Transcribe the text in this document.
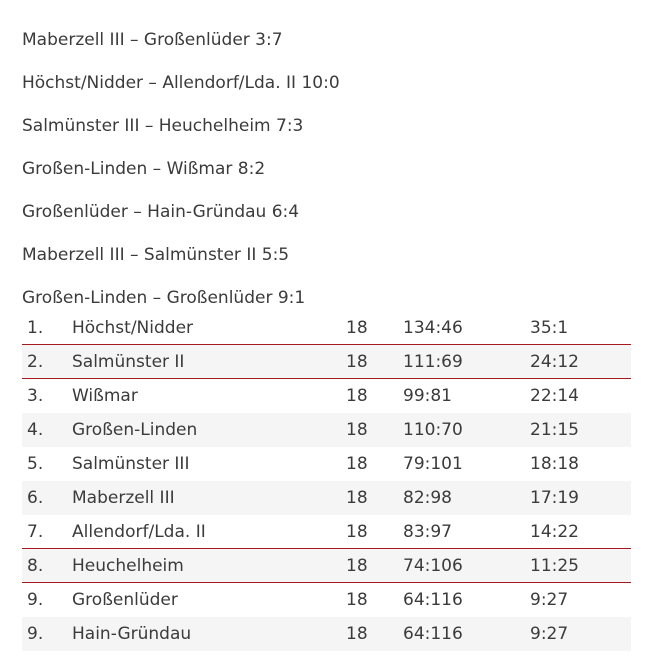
Maberzell III – Großenlüder 3:7

Höchst/Nidder – Allendorf/Lda. II 10:0

Salmünster III – Heuchelheim 7:3

Großen-Linden – Wißmar 8:2

Großenlüder – Hain-Gründau 6:4

Maberzell III – Salmünster II 5:5

Großen-Linden – Großenlüder 9:1

1. Höchst/Nidder	18 134:46	35:1
2. Salmünster II	18 111:69	24:12
3. Wißmar	18 99:81	22:14
4. Großen-Linden	18 110:70	21:15
5. Salmünster III	18 79:101	18:18
6. Maberzell III	18 82:98	17:19
7. Allendorf/Lda. II	18 83:97	14:22
8. Heuchelheim	18 74:106	11:25
9. Großenlüder	18 64:116	9:27
9. Hain-Gründau	18 64:116	9:27
